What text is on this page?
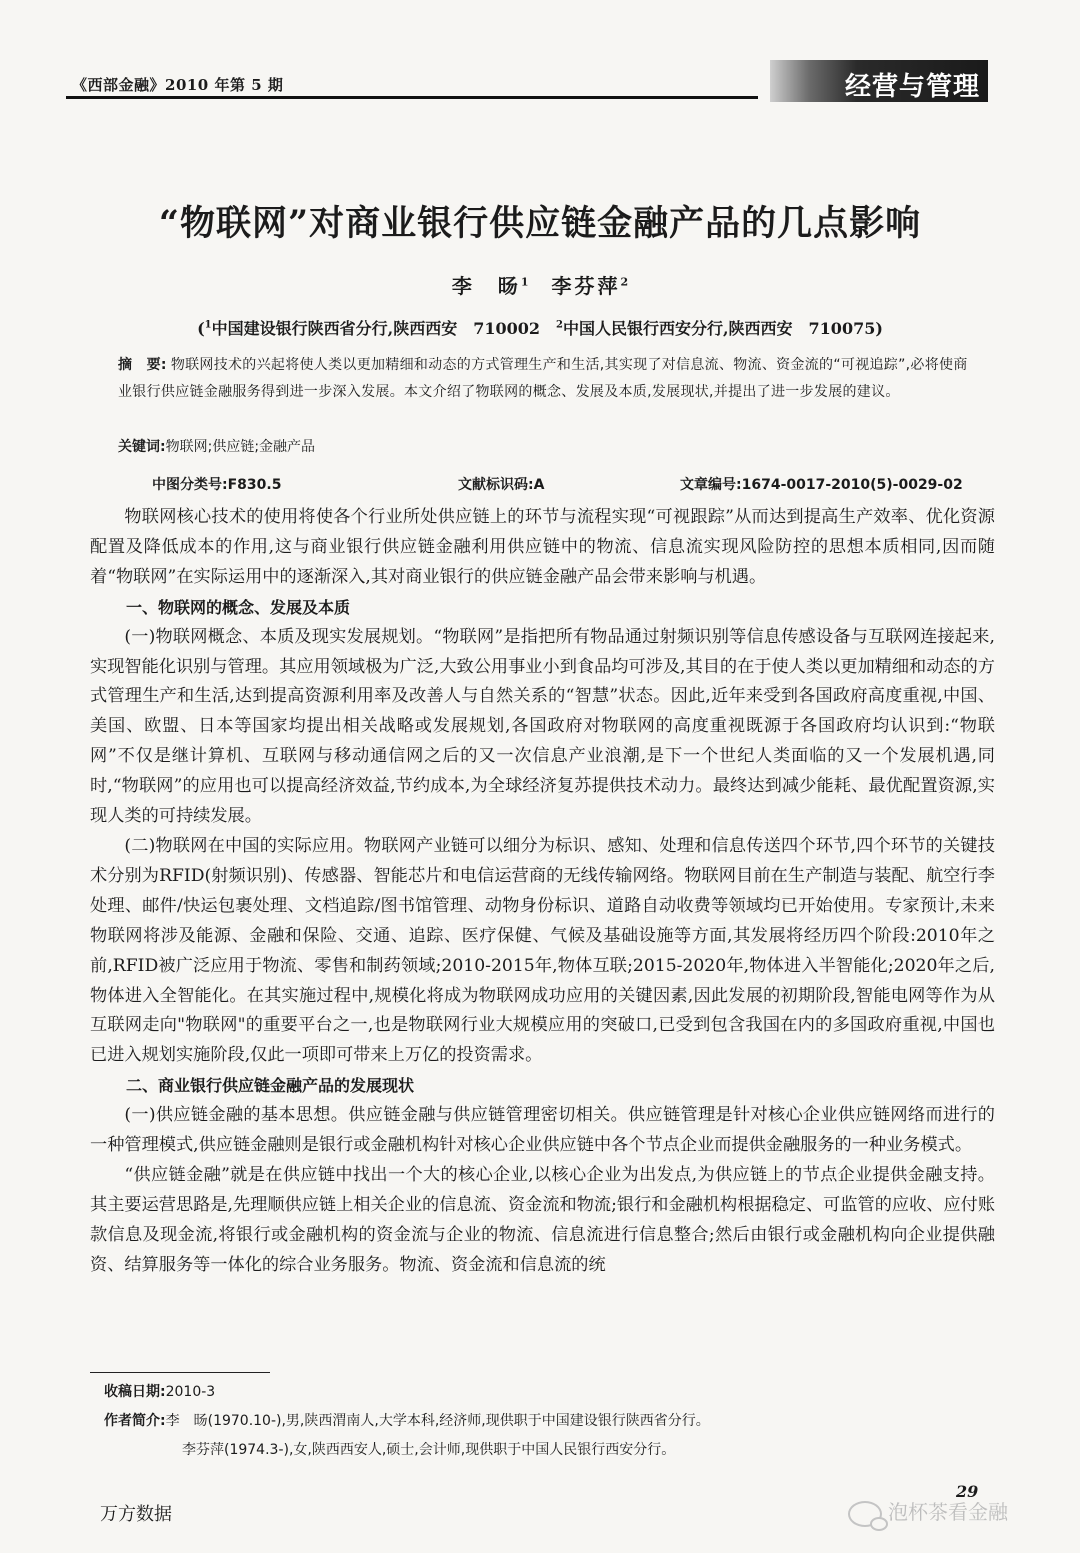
《西部金融》2010 年第 5 期	经营与管理
“物联网”对商业银行供应链金融产品的几点影响
李　旸$^1$　 李芬萍$^2$
($^1$中国建设银行陕西省分行,陕西西安　710002　$^2$中国人民银行西安分行,陕西西安　710075)
摘　要: 物联网技术的兴起将使人类以更加精细和动态的方式管理生产和生活,其实现了对信息流、物流、资金流的“可视追踪”,必将使商业银行供应链金融服务得到进一步深入发展。本文介绍了物联网的概念、发展及本质,发展现状,并提出了进一步发展的建议。
关键词:物联网;供应链;金融产品
中图分类号:F830.5	文献标识码:A	文章编号:1674-0017-2010(5)-0029-02

物联网核心技术的使用将使各个行业所处供应链上的环节与流程实现“可视跟踪”从而达到提高生产效率、优化资源配置及降低成本的作用,这与商业银行供应链金融利用供应链中的物流、信息流实现风险防控的思想本质相同,因而随着“物联网”在实际运用中的逐渐深入,其对商业银行的供应链金融产品会带来影响与机遇。

一、物联网的概念、发展及本质

(一)物联网概念、本质及现实发展规划。“物联网”是指把所有物品通过射频识别等信息传感设备与互联网连接起来,实现智能化识别与管理。其应用领域极为广泛,大致公用事业小到食品均可涉及,其目的在于使人类以更加精细和动态的方式管理生产和生活,达到提高资源利用率及改善人与自然关系的“智慧”状态。因此,近年来受到各国政府高度重视,中国、美国、欧盟、日本等国家均提出相关战略或发展规划,各国政府对物联网的高度重视既源于各国政府均认识到:“物联网”不仅是继计算机、互联网与移动通信网之后的又一次信息产业浪潮,是下一个世纪人类面临的又一个发展机遇,同时,“物联网”的应用也可以提高经济效益,节约成本,为全球经济复苏提供技术动力。最终达到减少能耗、最优配置资源,实现人类的可持续发展。

(二)物联网在中国的实际应用。物联网产业链可以细分为标识、感知、处理和信息传送四个环节,四个环节的关键技术分别为RFID(射频识别)、传感器、智能芯片和电信运营商的无线传输网络。物联网目前在生产制造与装配、航空行李处理、邮件/快运包裹处理、文档追踪/图书馆管理、动物身份标识、道路自动收费等领域均已开始使用。专家预计,未来物联网将涉及能源、金融和保险、交通、追踪、医疗保健、气候及基础设施等方面,其发展将经历四个阶段:2010年之前,RFID被广泛应用于物流、零售和制药领域;2010-2015年,物体互联;2015-2020年,物体进入半智能化;2020年之后,物体进入全智能化。在其实施过程中,规模化将成为物联网成功应用的关键因素,因此发展的初期阶段,智能电网等作为从互联网走向"物联网"的重要平台之一,也是物联网行业大规模应用的突破口,已受到包含我国在内的多国政府重视,中国也已进入规划实施阶段,仅此一项即可带来上万亿的投资需求。

二、商业银行供应链金融产品的发展现状

(一)供应链金融的基本思想。供应链金融与供应链管理密切相关。供应链管理是针对核心企业供应链网络而进行的一种管理模式,供应链金融则是银行或金融机构针对核心企业供应链中各个节点企业而提供金融服务的一种业务模式。

“供应链金融”就是在供应链中找出一个大的核心企业,以核心企业为出发点,为供应链上的节点企业提供金融支持。其主要运营思路是,先理顺供应链上相关企业的信息流、资金流和物流;银行和金融机构根据稳定、可监管的应收、应付账款信息及现金流,将银行或金融机构的资金流与企业的物流、信息流进行信息整合;然后由银行或金融机构向企业提供融资、结算服务等一体化的综合业务服务。物流、资金流和信息流的统

收稿日期:2010-3
作者简介:李　旸(1970.10-),男,陕西渭南人,大学本科,经济师,现供职于中国建设银行陕西省分行。
李芬萍(1974.3-),女,陕西西安人,硕士,会计师,现供职于中国人民银行西安分行。
29
万方数据	泡杯茶看金融
